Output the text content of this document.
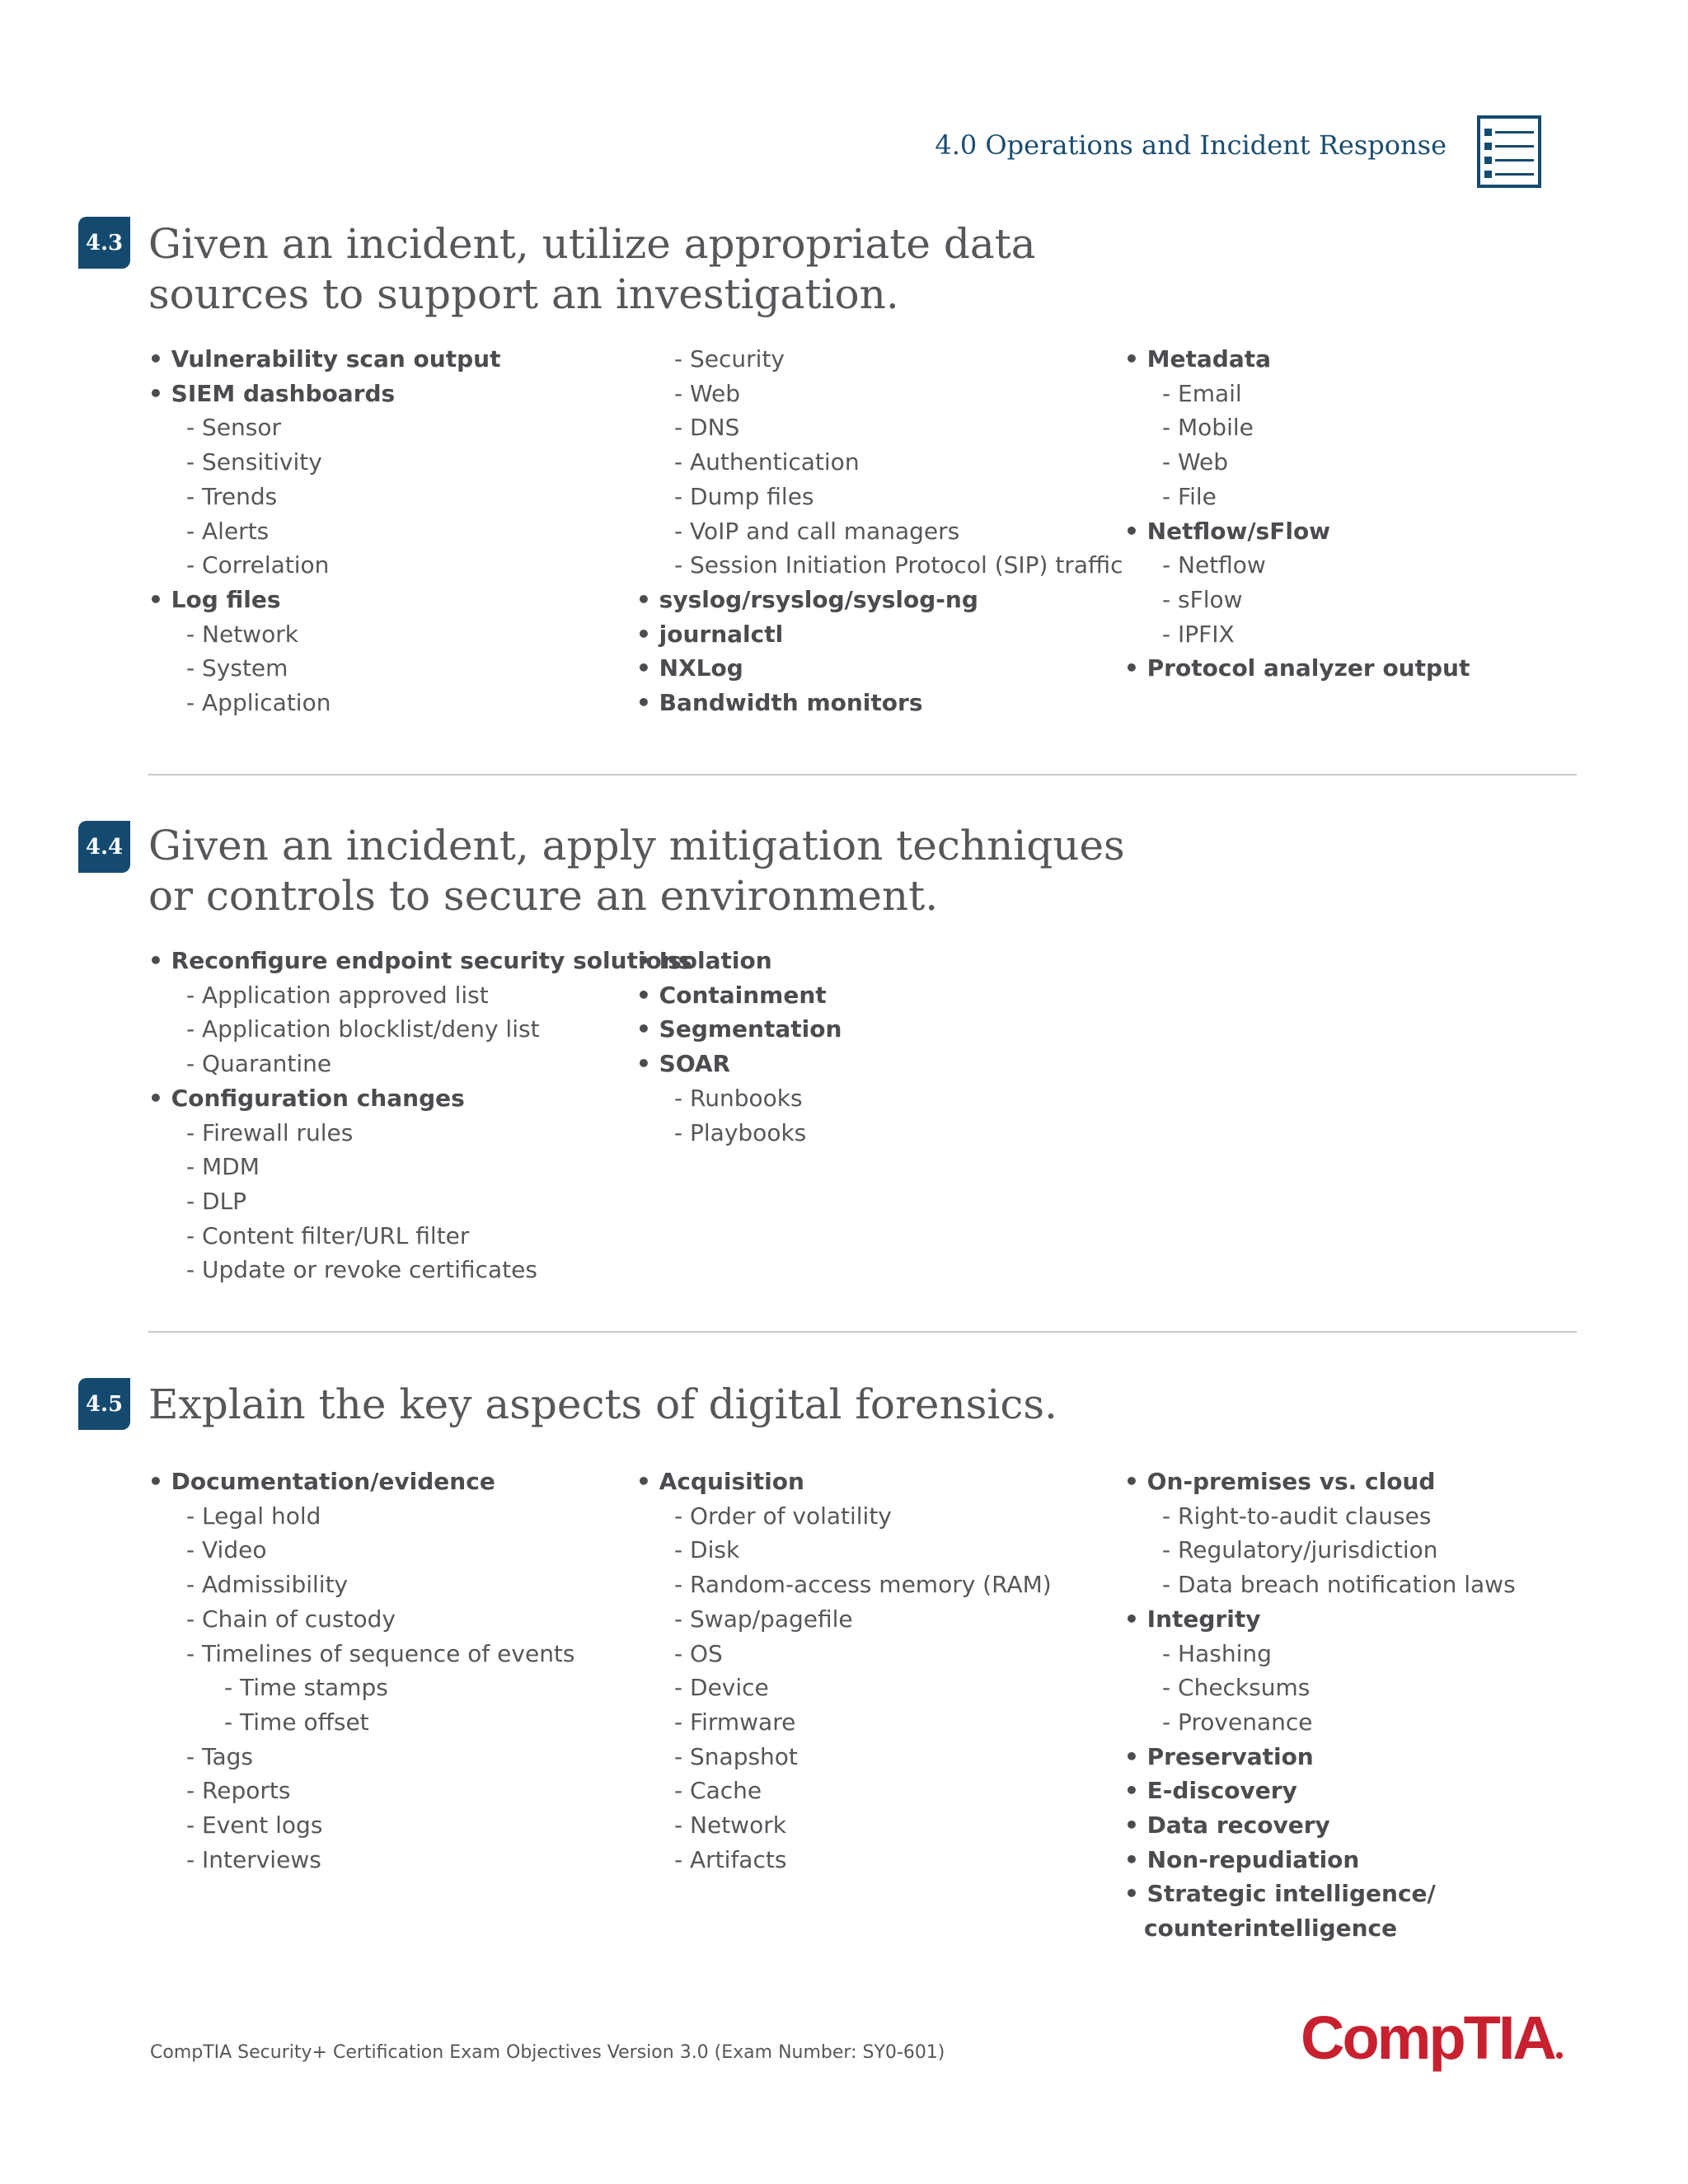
4.0 Operations and Incident Response
4.3 Given an incident, utilize appropriate data
sources to support an investigation.
• Vulnerability scan output
• SIEM dashboards
- Sensor
- Sensitivity
- Trends
- Alerts
- Correlation
• Log files
- Network
- System
- Application
- Security
- Web
- DNS
- Authentication
- Dump files
- VoIP and call managers
- Session Initiation Protocol (SIP) traffic
• syslog/rsyslog/syslog-ng
• journalctl
• NXLog
• Bandwidth monitors
• Metadata
- Email
- Mobile
- Web
- File
• Netflow/sFlow
- Netflow
- sFlow
- IPFIX
• Protocol analyzer output
4.4 Given an incident, apply mitigation techniques
or controls to secure an environment.
• Reconfigure endpoint security solutions
- Application approved list
- Application blocklist/deny list
- Quarantine
• Configuration changes
- Firewall rules
- MDM
- DLP
- Content filter/URL filter
- Update or revoke certificates
• Isolation
• Containment
• Segmentation
• SOAR
- Runbooks
- Playbooks
4.5 Explain the key aspects of digital forensics.
• Documentation/evidence
- Legal hold
- Video
- Admissibility
- Chain of custody
- Timelines of sequence of events
- Time stamps
- Time offset
- Tags
- Reports
- Event logs
- Interviews
• Acquisition
- Order of volatility
- Disk
- Random-access memory (RAM)
- Swap/pagefile
- OS
- Device
- Firmware
- Snapshot
- Cache
- Network
- Artifacts
• On-premises vs. cloud
- Right-to-audit clauses
- Regulatory/jurisdiction
- Data breach notification laws
• Integrity
- Hashing
- Checksums
- Provenance
• Preservation
• E-discovery
• Data recovery
• Non-repudiation
• Strategic intelligence/
counterintelligence
CompTIA Security+ Certification Exam Objectives Version 3.0 (Exam Number: SY0-601)	CompTIA
